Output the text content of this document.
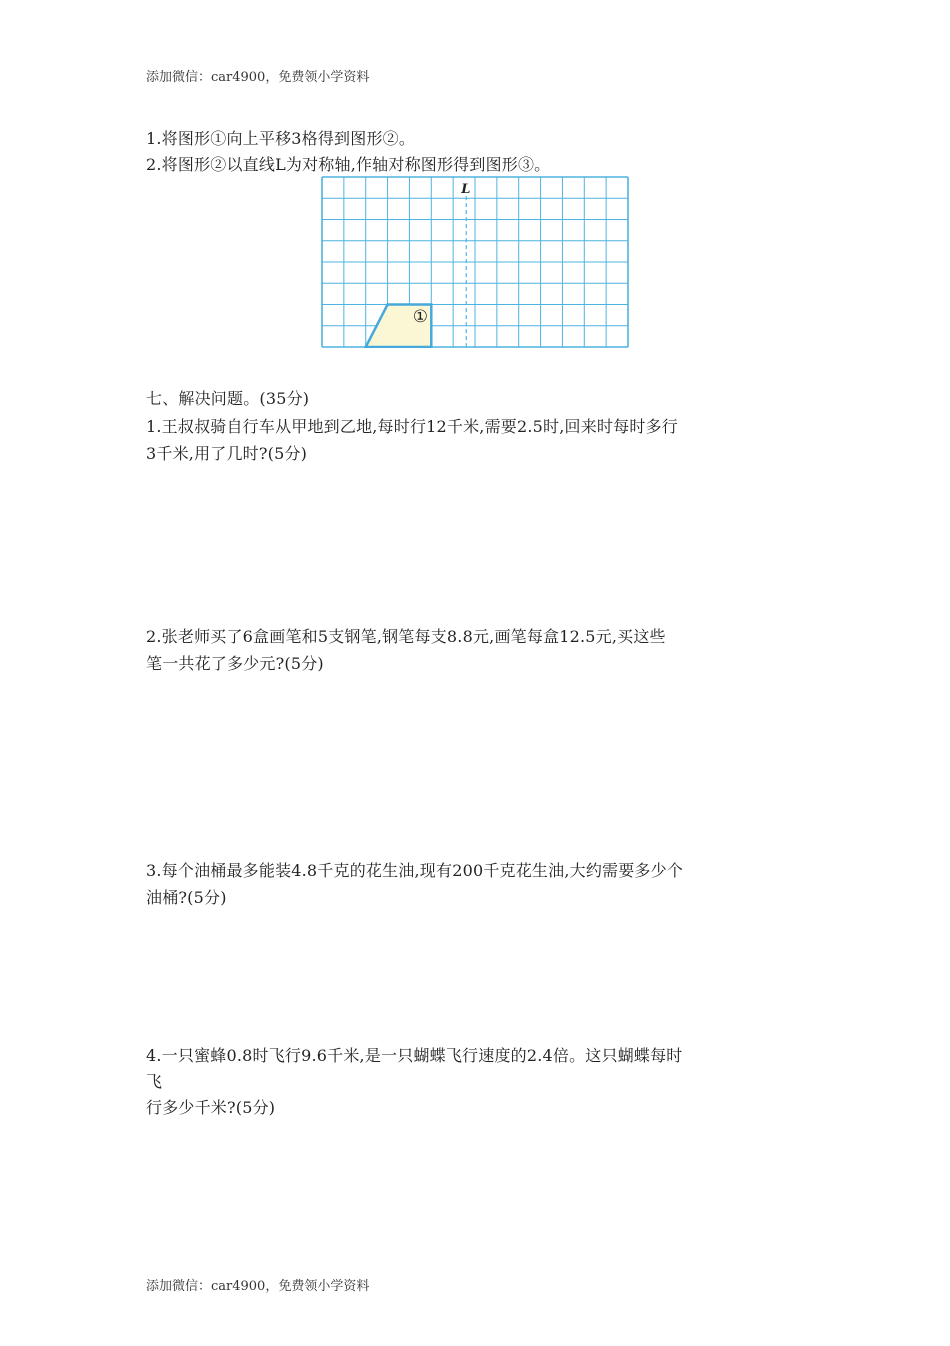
添加微信：car4900，免费领小学资料
1.将图形①向上平移3格得到图形②。
2.将图形②以直线L为对称轴,作轴对称图形得到图形③。
L
①
七、解决问题。(35分)
1.王叔叔骑自行车从甲地到乙地,每时行12千米,需要2.5时,回来时每时多行
3千米,用了几时?(5分)
2.张老师买了6盒画笔和5支钢笔,钢笔每支8.8元,画笔每盒12.5元,买这些
笔一共花了多少元?(5分)
3.每个油桶最多能装4.8千克的花生油,现有200千克花生油,大约需要多少个
油桶?(5分)
4.一只蜜蜂0.8时飞行9.6千米,是一只蝴蝶飞行速度的2.4倍。这只蝴蝶每时
飞
行多少千米?(5分)
添加微信：car4900，免费领小学资料
